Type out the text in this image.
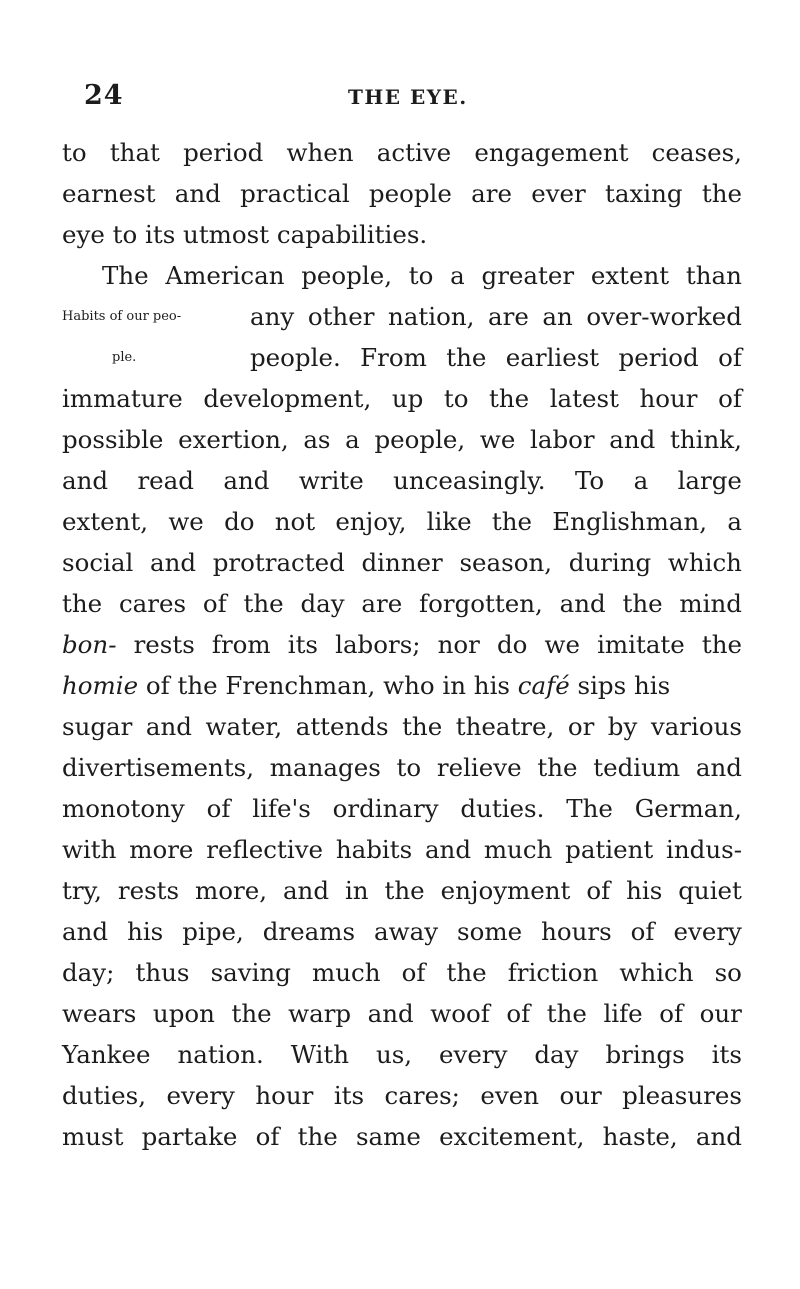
24	THE EYE.
to that period when active engagement ceases,
earnest and practical people are ever taxing the
eye to its utmost capabilities.
The American people, to a greater extent than
Habits of our peo-	any other nation, are an over-worked
ple.	people. From the earliest period of
immature development, up to the latest hour of
possible exertion, as a people, we labor and think,
and read and write unceasingly. To a large
extent, we do not enjoy, like the Englishman, a
social and protracted dinner season, during which
the cares of the day are forgotten, and the mind
bon- rests from its labors; nor do we imitate the
homie of the Frenchman, who in his café sips his
sugar and water, attends the theatre, or by various
divertisements, manages to relieve the tedium and
monotony of life's ordinary duties. The German,
with more reflective habits and much patient indus-
try, rests more, and in the enjoyment of his quiet
and his pipe, dreams away some hours of every
day; thus saving much of the friction which so
wears upon the warp and woof of the life of our
Yankee nation. With us, every day brings its
duties, every hour its cares; even our pleasures
must partake of the same excitement, haste, and
